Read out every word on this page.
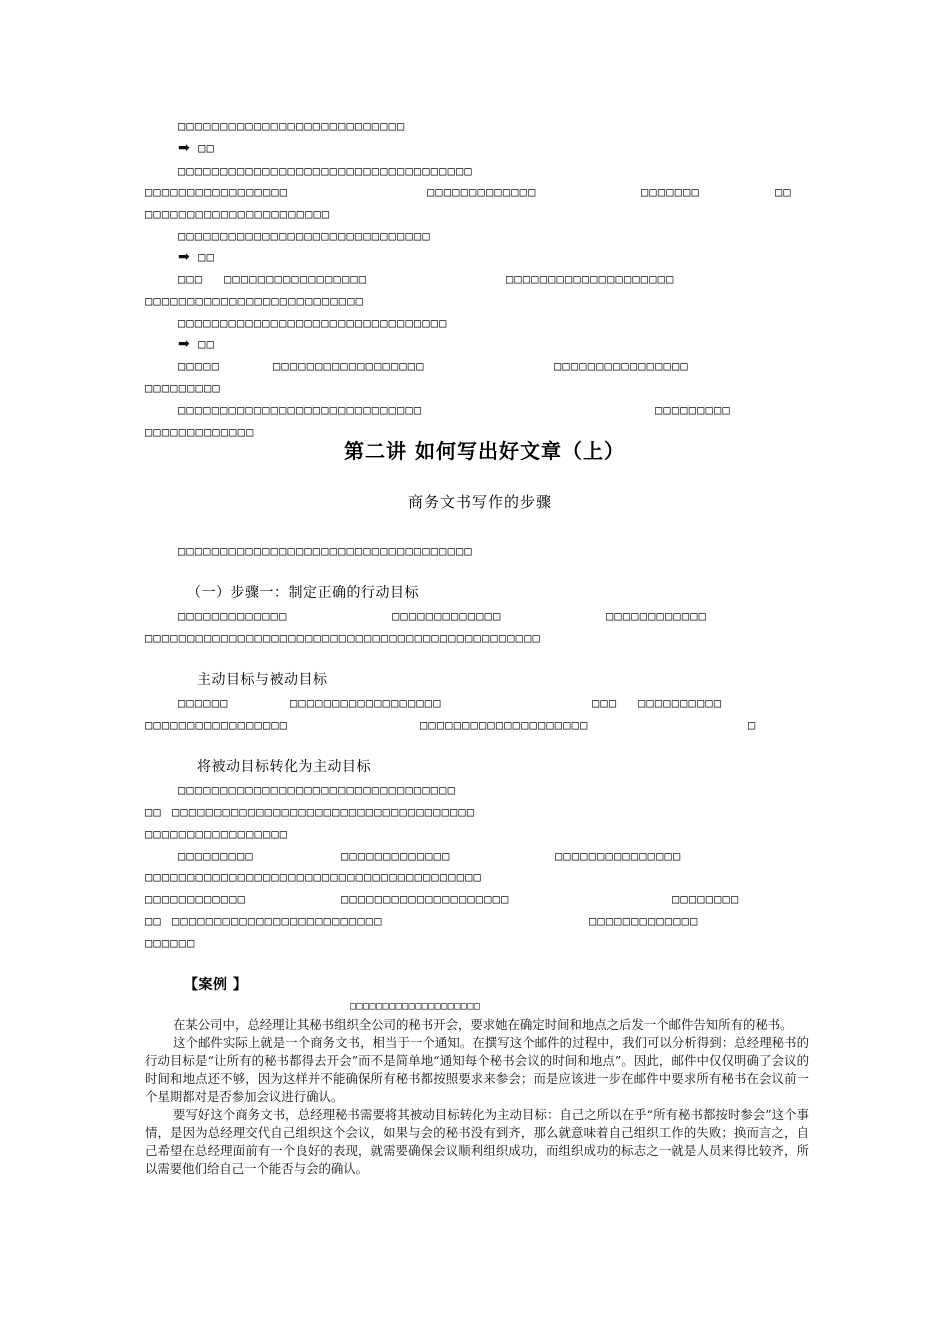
□□□□□□□□□□□□□□□□□□□□□□□□□□□
➡ □□
□□□□□□□□□□□□□□□□□□□□□□□□□□□□□□□□□□□
□□□□□□□□□□□□□□□□□	□□□□□□□□□□□□□	□□□□□□□	□□
□□□□□□□□□□□□□□□□□□□□□□
□□□□□□□□□□□□□□□□□□□□□□□□□□□□□□
➡ □□
□□□ □□□□□□□□□□□□□□□□□	□□□□□□□□□□□□□□□□□□□□
□□□□□□□□□□□□□□□□□□□□□□□□□□
□□□□□□□□□□□□□□□□□□□□□□□□□□□□□□□□
➡ □□
□□□□□	□□□□□□□□□□□□□□□□□□	□□□□□□□□□□□□□□□□
□□□□□□□□□
□□□□□□□□□□□□□□□□□□□□□□□□□□□□□	□□□□□□□□□
□□□□□□□□□□□□□
第二讲 如何写出好文章（上）
商务文书写作的步骤
□□□□□□□□□□□□□□□□□□□□□□□□□□□□□□□□□□□
（一）步骤一：制定正确的行动目标
□□□□□□□□□□□□□	□□□□□□□□□□□□□	□□□□□□□□□□□□
□□□□□□□□□□□□□□□□□□□□□□□□□□□□□□□□□□□□□□□□□□□□□□□
主动目标与被动目标
□□□□□□	□□□□□□□□□□□□□□□□□□	□□□ □□□□□□□□□□
□□□□□□□□□□□□□□□□□	□□□□□□□□□□□□□□□□□□□□	□
将被动目标转化为主动目标
□□□□□□□□□□□□□□□□□□□□□□□□□□□□□□□□□
□□ □□□□□□□□□□□□□□□□□□□□□□□□□□□□□□□□□□□□
□□□□□□□□□□□□□□□□□
□□□□□□□□□	□□□□□□□□□□□□□	□□□□□□□□□□□□□□□
□□□□□□□□□□□□□□□□□□□□□□□□□□□□□□□□□□□□□□□□
□□□□□□□□□□□□	□□□□□□□□□□□□□□□□□□□□	□□□□□□□□
□□ □□□□□□□□□□□□□□□□□□□□□□□□□	□□□□□□□□□□□□□
□□□□□□
【案例 】
□□□□□□□□□□□□□□□□□□□□

在某公司中，总经理让其秘书组织全公司的秘书开会，要求她在确定时间和地点之后发一个邮件告知所有的秘书。

这个邮件实际上就是一个商务文书，相当于一个通知。在撰写这个邮件的过程中，我们可以分析得到：总经理秘书的行动目标是“让所有的秘书都得去开会”而不是简单地“通知每个秘书会议的时间和地点”。因此，邮件中仅仅明确了会议的时间和地点还不够，因为这样并不能确保所有秘书都按照要求来参会；而是应该进一步在邮件中要求所有秘书在会议前一个星期都对是否参加会议进行确认。

要写好这个商务文书，总经理秘书需要将其被动目标转化为主动目标：自己之所以在乎“所有秘书都按时参会”这个事情，是因为总经理交代自己组织这个会议，如果与会的秘书没有到齐，那么就意味着自己组织工作的失败；换而言之，自己希望在总经理面前有一个良好的表现，就需要确保会议顺利组织成功，而组织成功的标志之一就是人员来得比较齐，所以需要他们给自己一个能否与会的确认。
